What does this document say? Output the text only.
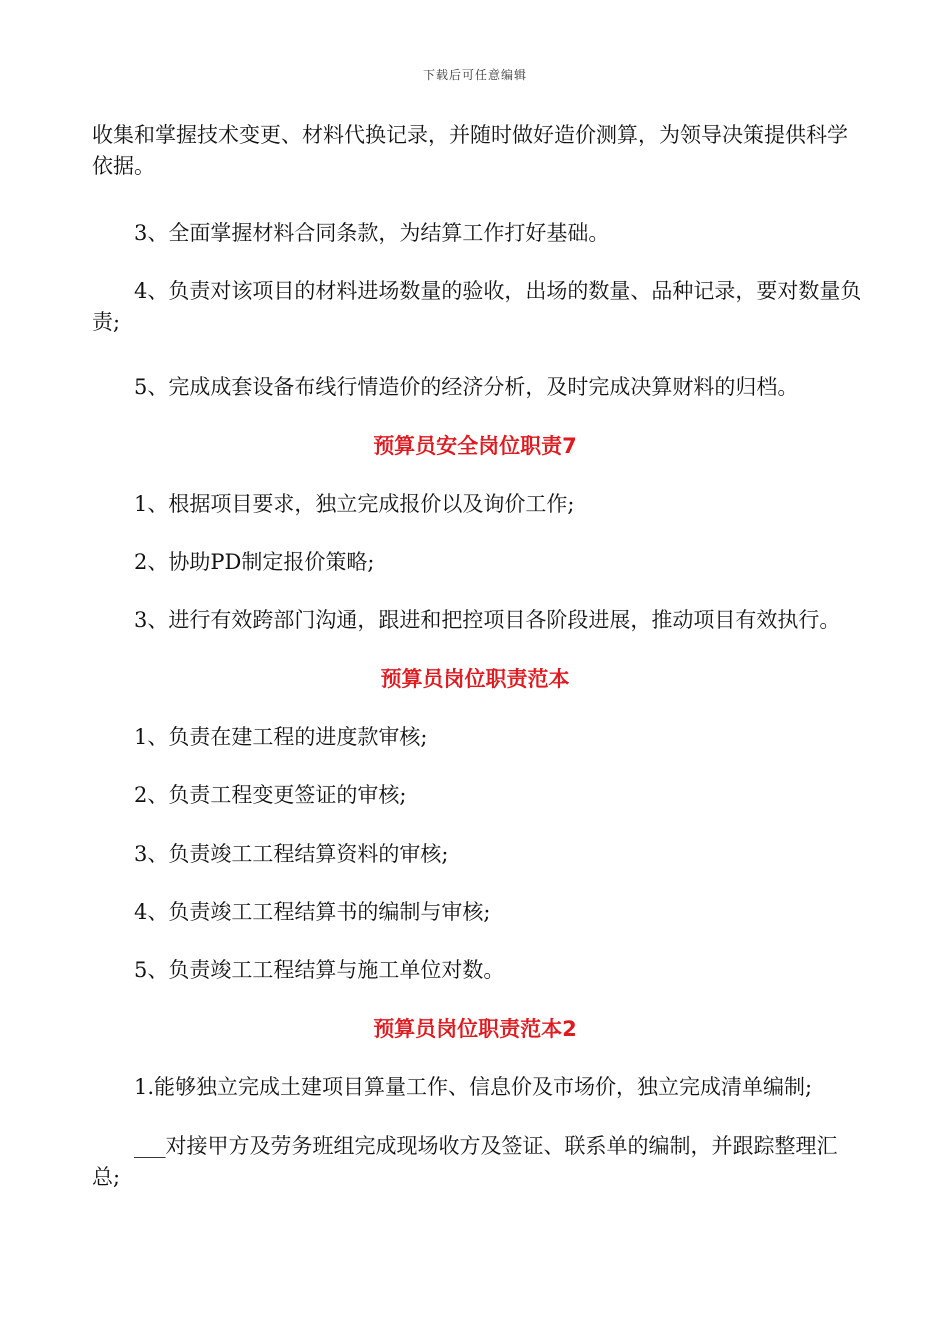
下载后可任意编辑
收集和掌握技术变更、材料代换记录，并随时做好造价测算，为领导决策提供科学依据。
3、全面掌握材料合同条款，为结算工作打好基础。
4、负责对该项目的材料进场数量的验收，出场的数量、品种记录，要对数量负责;
5、完成成套设备布线行情造价的经济分析，及时完成决算财料的归档。
预算员安全岗位职责7
1、根据项目要求，独立完成报价以及询价工作;
2、协助PD制定报价策略;
3、进行有效跨部门沟通，跟进和把控项目各阶段进展，推动项目有效执行。
预算员岗位职责范本
1、负责在建工程的进度款审核;
2、负责工程变更签证的审核;
3、负责竣工工程结算资料的审核;
4、负责竣工工程结算书的编制与审核;
5、负责竣工工程结算与施工单位对数。
预算员岗位职责范本2
1.能够独立完成土建项目算量工作、信息价及市场价，独立完成清单编制;
___对接甲方及劳务班组完成现场收方及签证、联系单的编制，并跟踪整理汇总;
